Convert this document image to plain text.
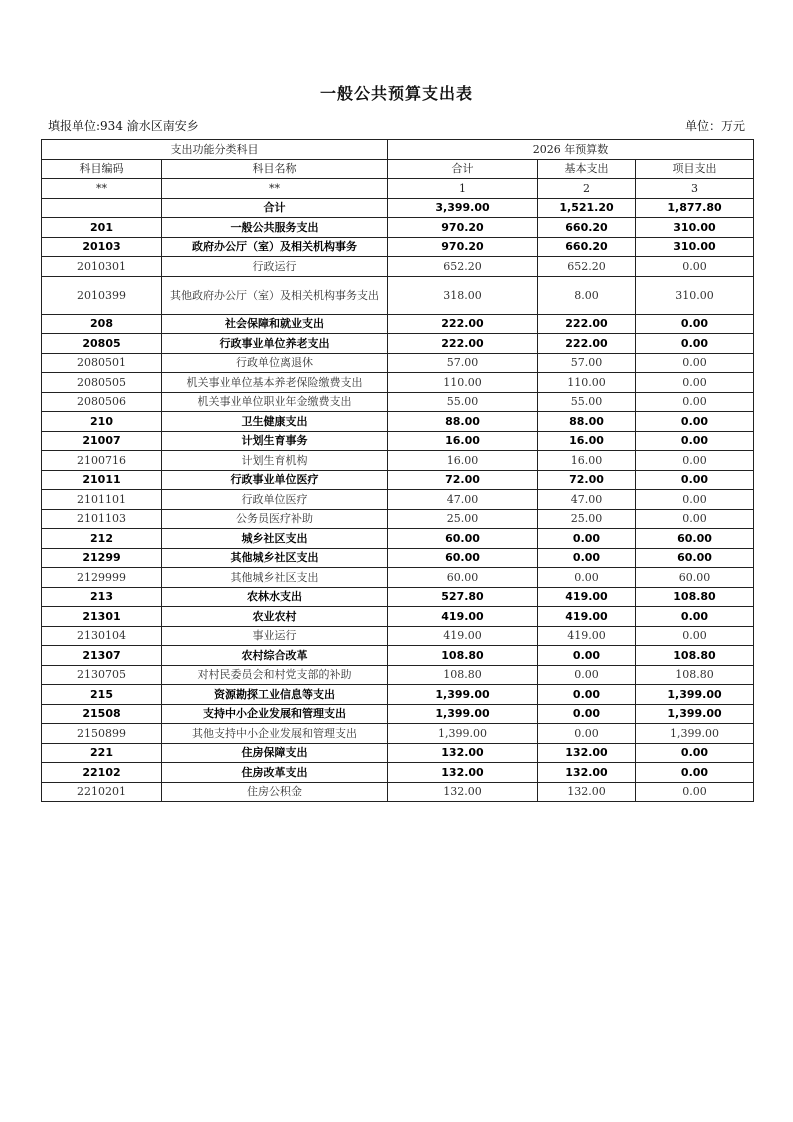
一般公共预算支出表
填报单位:934 渝水区南安乡	单位：万元
支出功能分类科目		2026 年预算数		
科目编码	科目名称	合计	基本支出	项目支出
**	**	1	2	3
	合计	3,399.00	1,521.20	1,877.80
201	一般公共服务支出	970.20	660.20	310.00
20103	政府办公厅（室）及相关机构事务	970.20	660.20	310.00
2010301	行政运行	652.20	652.20	0.00
2010399	其他政府办公厅（室）及相关机构事务支出	318.00	8.00	310.00
208	社会保障和就业支出	222.00	222.00	0.00
20805	行政事业单位养老支出	222.00	222.00	0.00
2080501	行政单位离退休	57.00	57.00	0.00
2080505	机关事业单位基本养老保险缴费支出	110.00	110.00	0.00
2080506	机关事业单位职业年金缴费支出	55.00	55.00	0.00
210	卫生健康支出	88.00	88.00	0.00
21007	计划生育事务	16.00	16.00	0.00
2100716	计划生育机构	16.00	16.00	0.00
21011	行政事业单位医疗	72.00	72.00	0.00
2101101	行政单位医疗	47.00	47.00	0.00
2101103	公务员医疗补助	25.00	25.00	0.00
212	城乡社区支出	60.00	0.00	60.00
21299	其他城乡社区支出	60.00	0.00	60.00
2129999	其他城乡社区支出	60.00	0.00	60.00
213	农林水支出	527.80	419.00	108.80
21301	农业农村	419.00	419.00	0.00
2130104	事业运行	419.00	419.00	0.00
21307	农村综合改革	108.80	0.00	108.80
2130705	对村民委员会和村党支部的补助	108.80	0.00	108.80
215	资源勘探工业信息等支出	1,399.00	0.00	1,399.00
21508	支持中小企业发展和管理支出	1,399.00	0.00	1,399.00
2150899	其他支持中小企业发展和管理支出	1,399.00	0.00	1,399.00
221	住房保障支出	132.00	132.00	0.00
22102	住房改革支出	132.00	132.00	0.00
2210201	住房公积金	132.00	132.00	0.00
